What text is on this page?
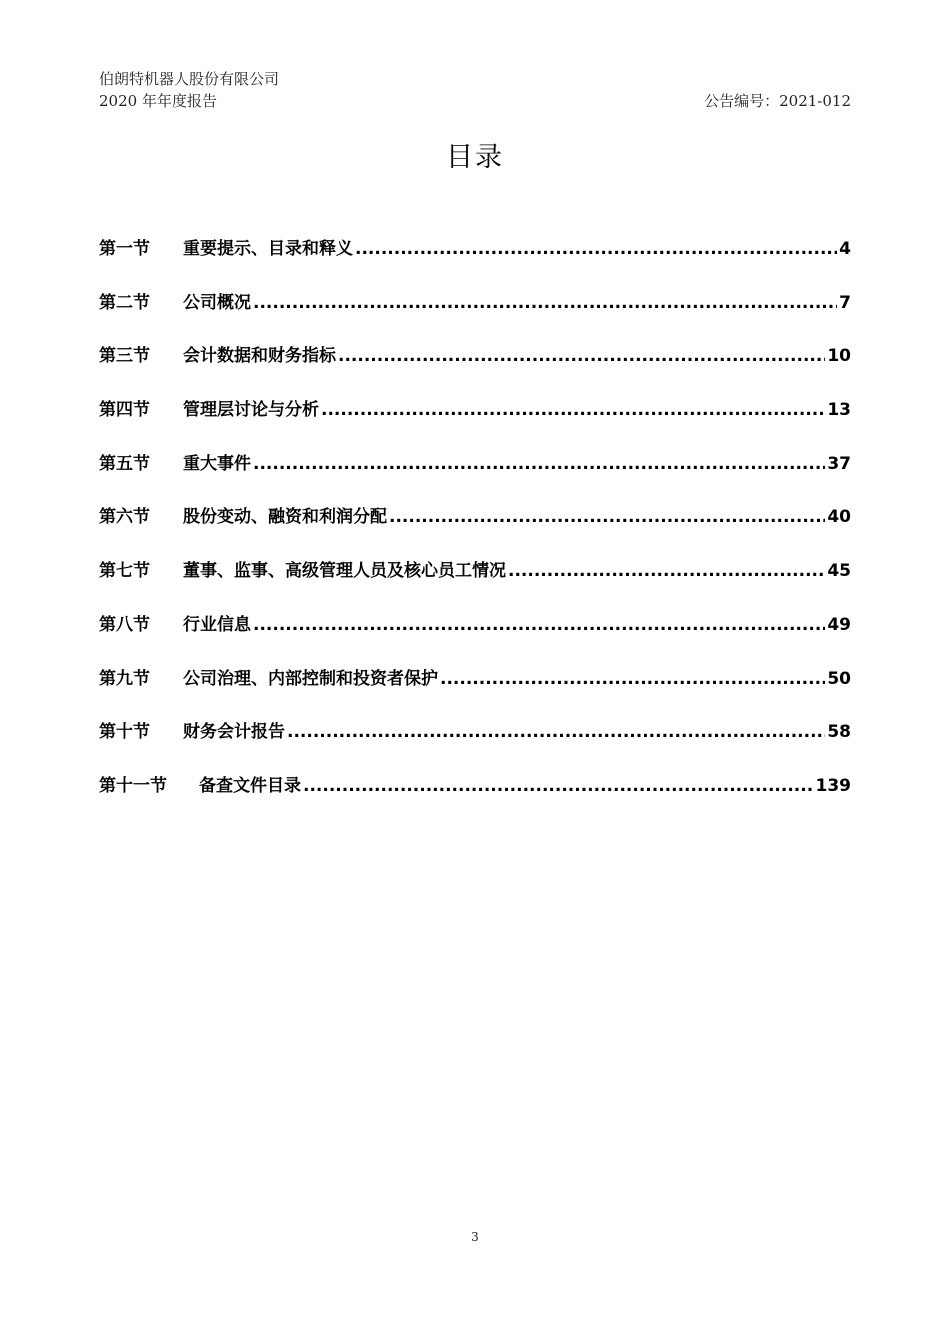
伯朗特机器人股份有限公司
2020 年年度报告	公告编号：2021-012
目录
第一节	重要提示、目录和释义 .....	4
第二节	公司概况 .....	7
第三节	会计数据和财务指标 .....	10
第四节	管理层讨论与分析 .....	13
第五节	重大事件 .....	37
第六节	股份变动、融资和利润分配 .....	40
第七节	董事、监事、高级管理人员及核心员工情况 .....	45
第八节	行业信息 .....	49
第九节	公司治理、内部控制和投资者保护 .....	50
第十节	财务会计报告 .....	58
第十一节	备查文件目录 .....	139
3
